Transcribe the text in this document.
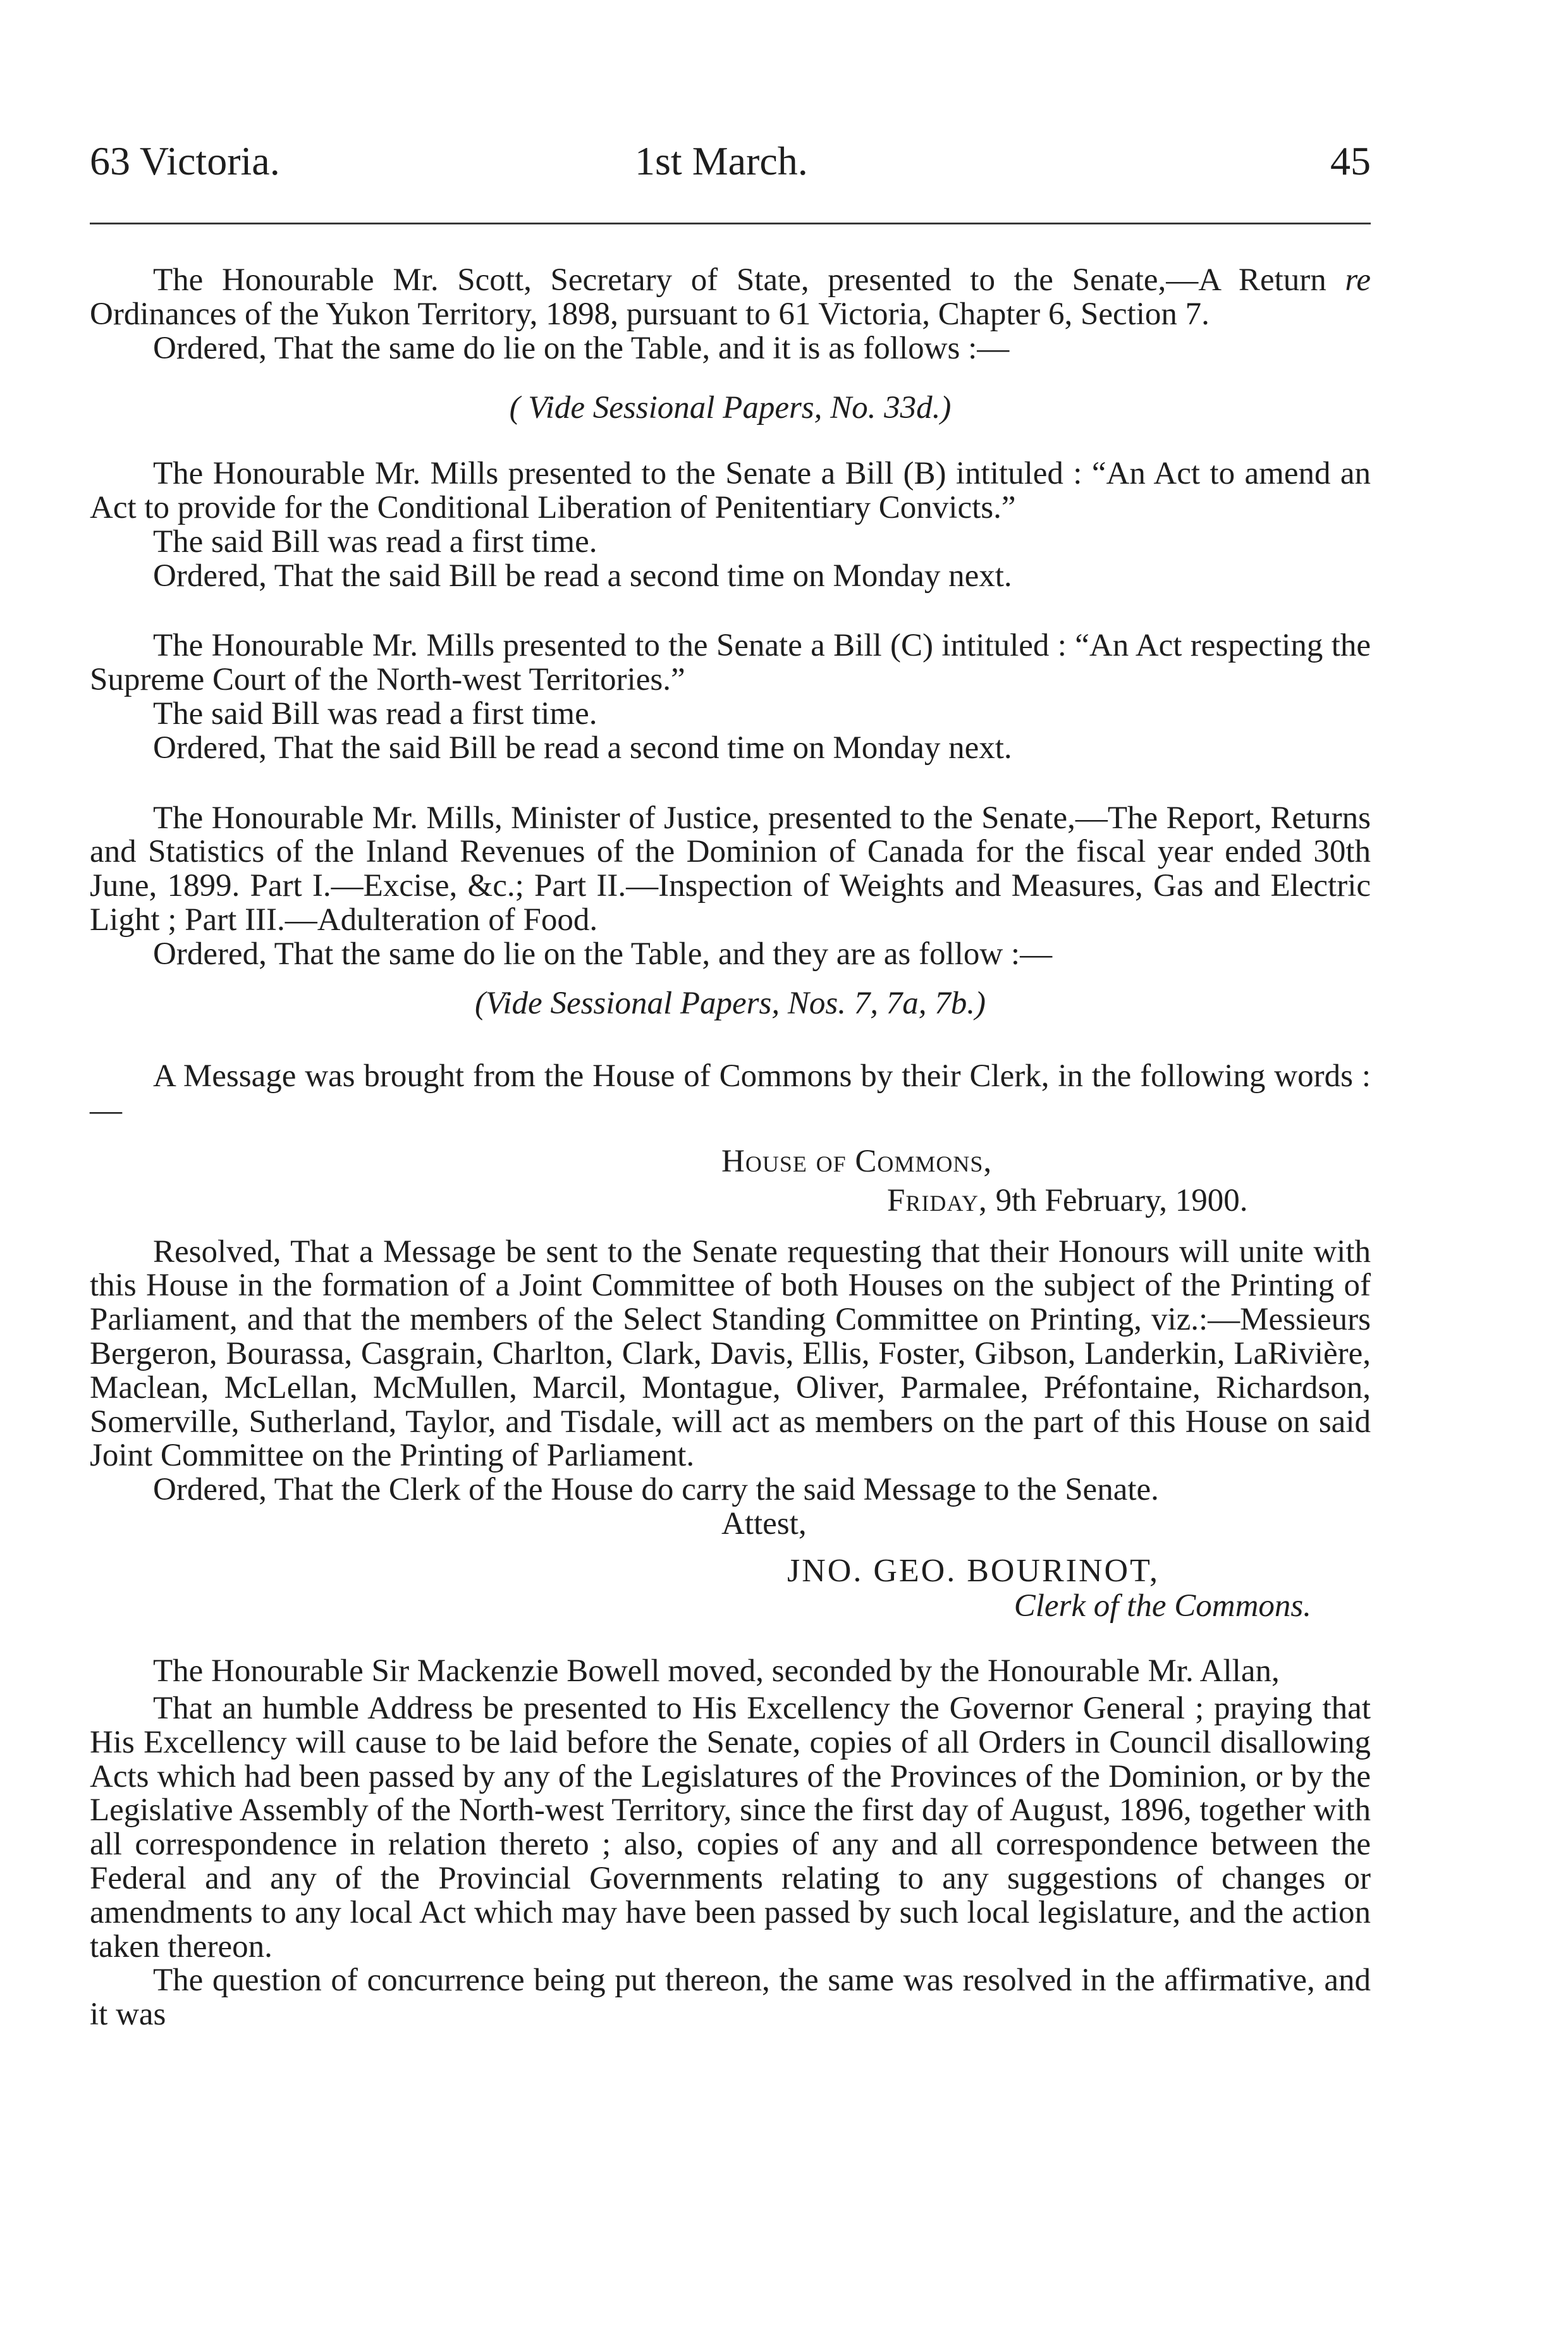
63 Victoria.	1st March.	45

The Honourable Mr. Scott, Secretary of State, presented to the Senate,—A Return re Ordinances of the Yukon Territory, 1898, pursuant to 61 Victoria, Chapter 6, Section 7.

Ordered, That the same do lie on the Table, and it is as follows :—

( Vide Sessional Papers, No. 33d.)

The Honourable Mr. Mills presented to the Senate a Bill (B) intituled : “An Act to amend an Act to provide for the Conditional Liberation of Penitentiary Convicts.”

The said Bill was read a first time.

Ordered, That the said Bill be read a second time on Monday next.

The Honourable Mr. Mills presented to the Senate a Bill (C) intituled : “An Act respecting the Supreme Court of the North-west Territories.”

The said Bill was read a first time.

Ordered, That the said Bill be read a second time on Monday next.

The Honourable Mr. Mills, Minister of Justice, presented to the Senate,—The Report, Returns and Statistics of the Inland Revenues of the Dominion of Canada for the fiscal year ended 30th June, 1899. Part I.—Excise, &c.; Part II.—Inspection of Weights and Measures, Gas and Electric Light ; Part III.—Adulteration of Food.

Ordered, That the same do lie on the Table, and they are as follow :—

(Vide Sessional Papers, Nos. 7, 7a, 7b.)

A Message was brought from the House of Commons by their Clerk, in the following words :—

House of Commons,

Friday, 9th February, 1900.

Resolved, That a Message be sent to the Senate requesting that their Honours will unite with this House in the formation of a Joint Committee of both Houses on the subject of the Printing of Parliament, and that the members of the Select Standing Committee on Printing, viz.:—Messieurs Bergeron, Bourassa, Casgrain, Charlton, Clark, Davis, Ellis, Foster, Gibson, Landerkin, LaRivière, Maclean, McLellan, McMullen, Marcil, Montague, Oliver, Parmalee, Préfontaine, Richardson, Somerville, Sutherland, Taylor, and Tisdale, will act as members on the part of this House on said Joint Committee on the Printing of Parliament.

Ordered, That the Clerk of the House do carry the said Message to the Senate.

Attest,

JNO. GEO. BOURINOT,

Clerk of the Commons.

The Honourable Sir Mackenzie Bowell moved, seconded by the Honourable Mr. Allan,

That an humble Address be presented to His Excellency the Governor General ; praying that His Excellency will cause to be laid before the Senate, copies of all Orders in Council disallowing Acts which had been passed by any of the Legislatures of the Provinces of the Dominion, or by the Legislative Assembly of the North-west Territory, since the first day of August, 1896, together with all correspondence in relation thereto ; also, copies of any and all correspondence between the Federal and any of the Provincial Governments relating to any suggestions of changes or amendments to any local Act which may have been passed by such local legislature, and the action taken thereon.

The question of concurrence being put thereon, the same was resolved in the affirmative, and it was
